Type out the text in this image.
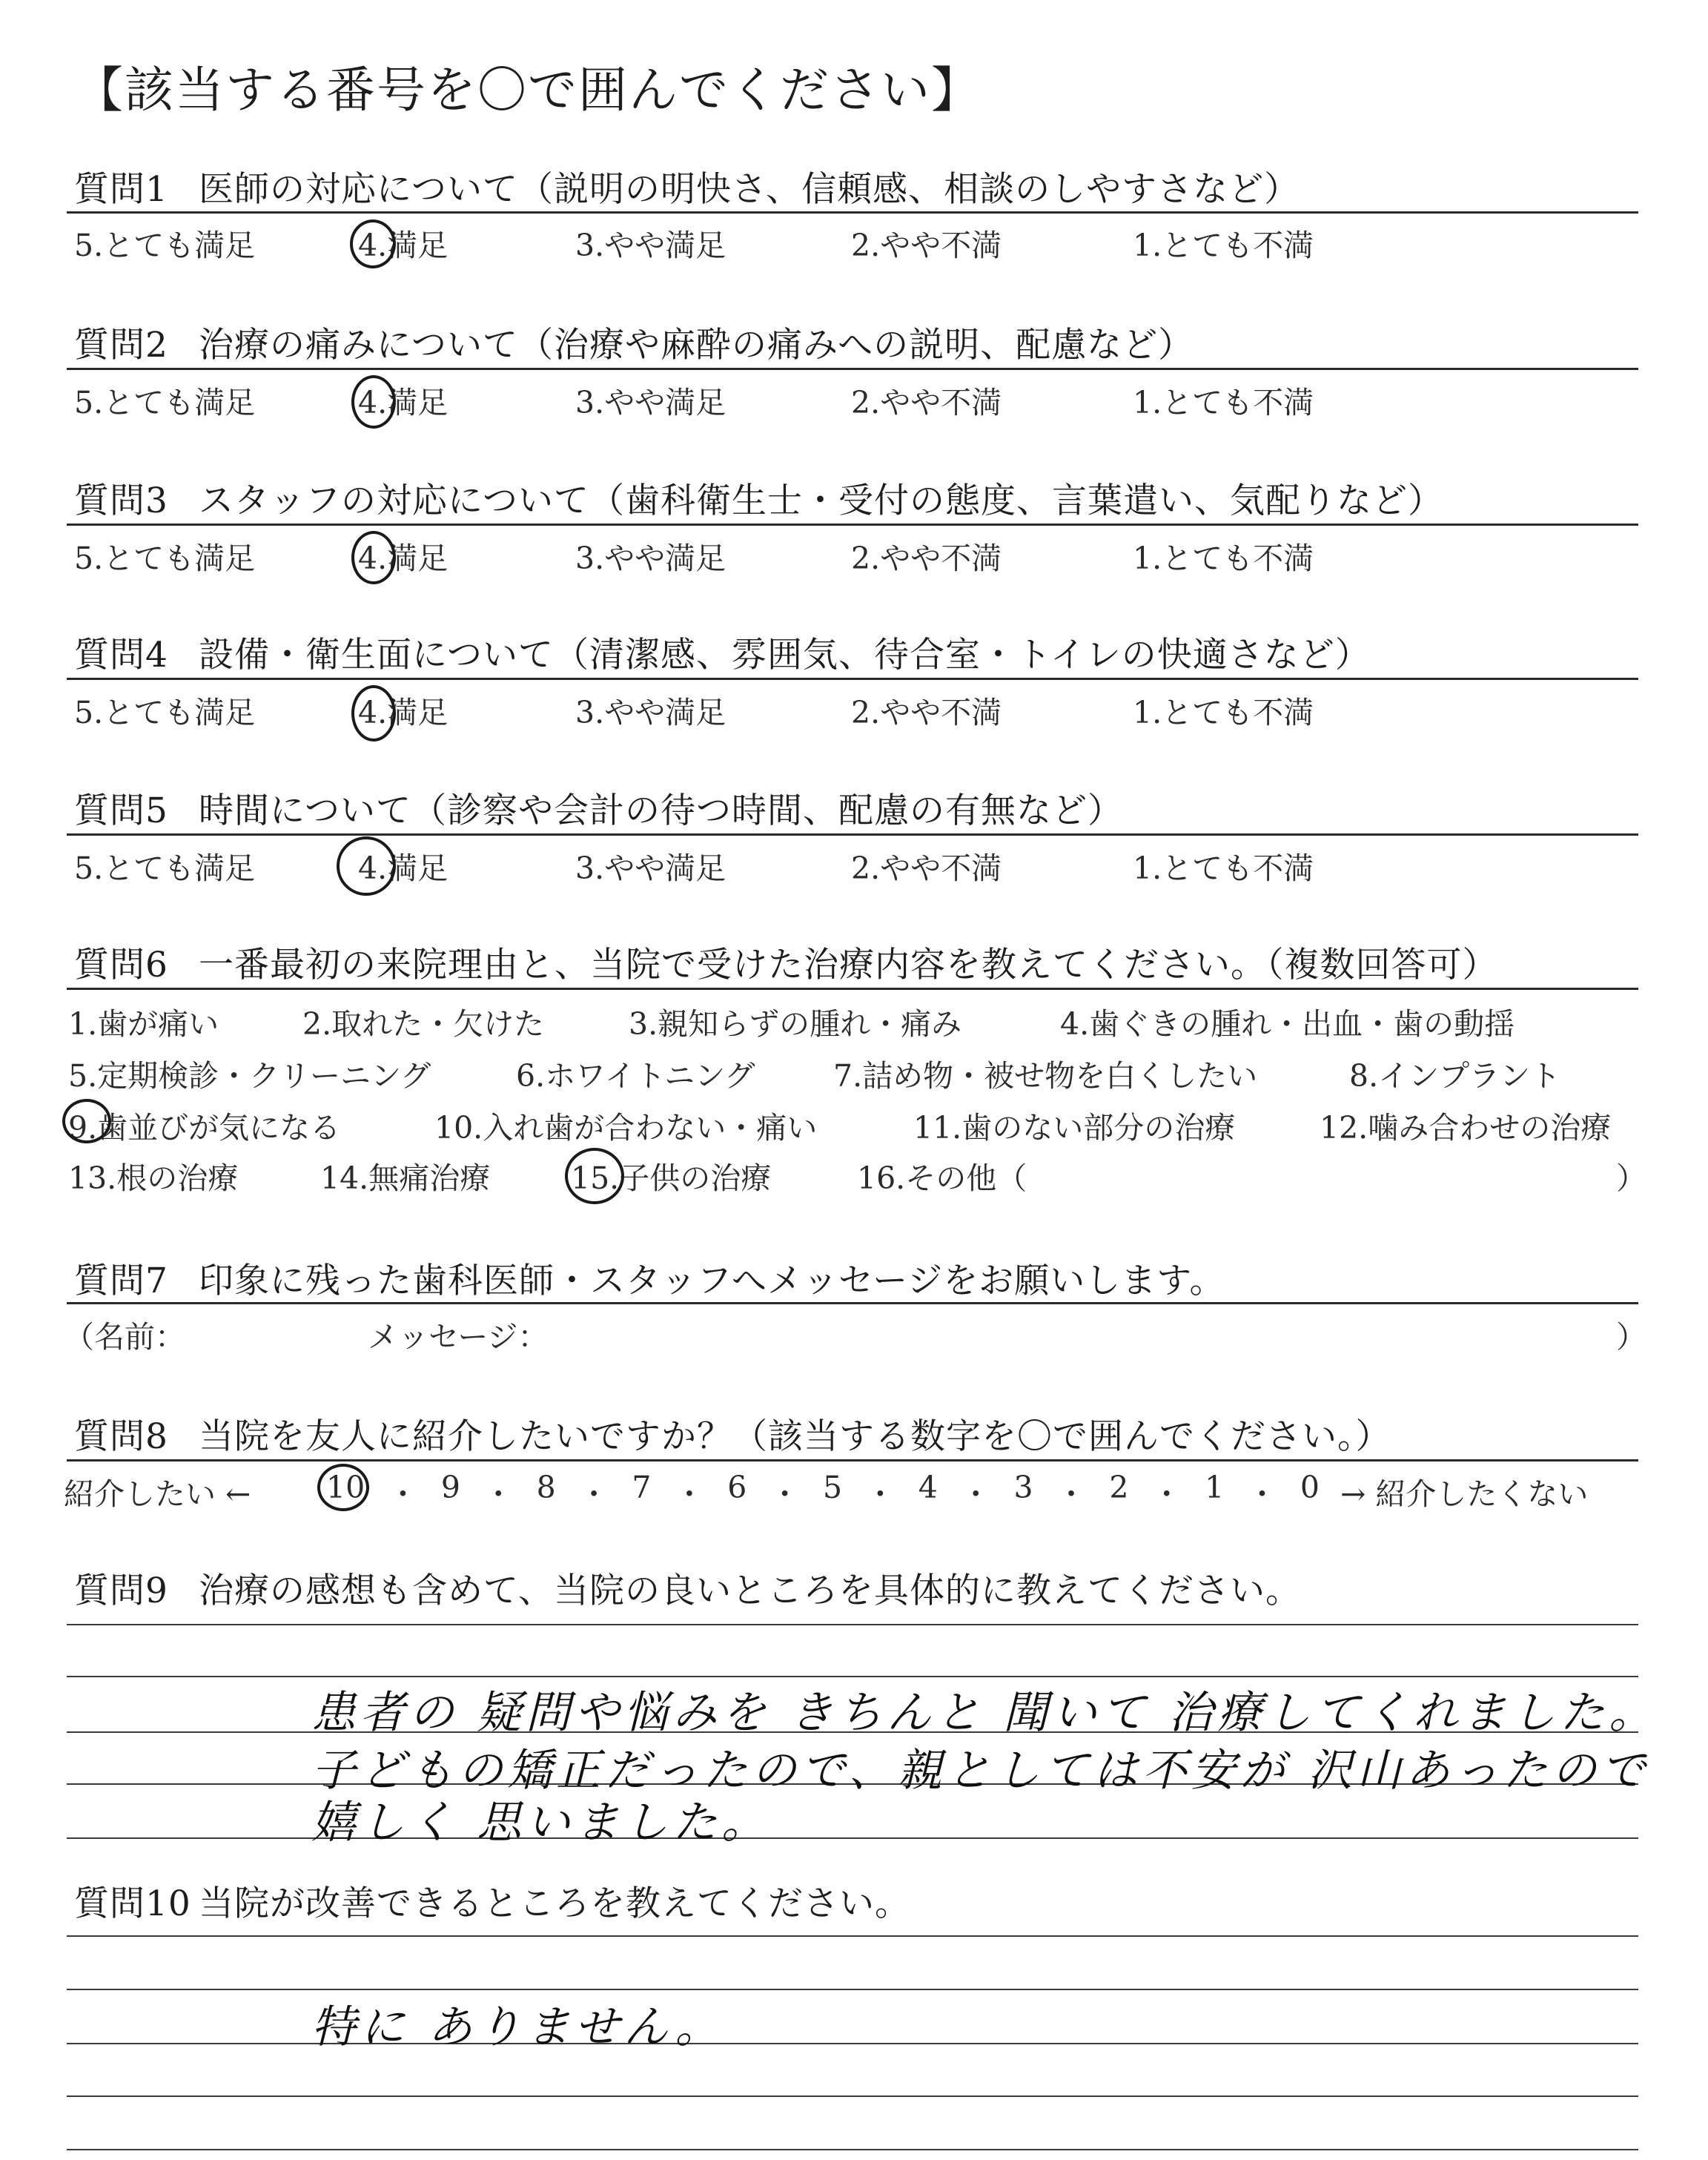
【該当する番号を〇で囲んでください】
質問1 医師の対応について（説明の明快さ、信頼感、相談のしやすさなど）
5.とても満足	4.満足	3.やや満足	2.やや不満	1.とても不満
質問2 治療の痛みについて（治療や麻酔の痛みへの説明、配慮など）
5.とても満足	4.満足	3.やや満足	2.やや不満	1.とても不満
質問3 スタッフの対応について（歯科衛生士・受付の態度、言葉遣い、気配りなど）
5.とても満足	4.満足	3.やや満足	2.やや不満	1.とても不満
質問4 設備・衛生面について（清潔感、雰囲気、待合室・トイレの快適さなど）
5.とても満足	4.満足	3.やや満足	2.やや不満	1.とても不満
質問5 時間について（診察や会計の待つ時間、配慮の有無など）
5.とても満足	4.満足	3.やや満足	2.やや不満	1.とても不満
質問6 一番最初の来院理由と、当院で受けた治療内容を教えてください。（複数回答可）
1.歯が痛い	2.取れた・欠けた	3.親知らずの腫れ・痛み	4.歯ぐきの腫れ・出血・歯の動揺
5.定期検診・クリーニング	6.ホワイトニング	7.詰め物・被せ物を白くしたい	8.インプラント
9.歯並びが気になる	10.入れ歯が合わない・痛い	11.歯のない部分の治療	12.噛み合わせの治療
13.根の治療	14.無痛治療	15.子供の治療	16.その他（	）
質問7 印象に残った歯科医師・スタッフへメッセージをお願いします。
（名前：	メッセージ：	）
質問8 当院を友人に紹介したいですか？（該当する数字を〇で囲んでください。）
紹介したい ← 10 ・ 9 ・ 8 ・ 7 ・ 6 ・ 5 ・ 4 ・ 3 ・ 2 ・ 1 ・ 0 → 紹介したくない
質問9 治療の感想も含めて、当院の良いところを具体的に教えてください。
患者の 疑問や悩みを きちんと 聞いて 治療してくれました。
子どもの矯正だったので、親としては不安が 沢山あったので
嬉しく 思いました。
質問10 当院が改善できるところを教えてください。
特に ありません。
